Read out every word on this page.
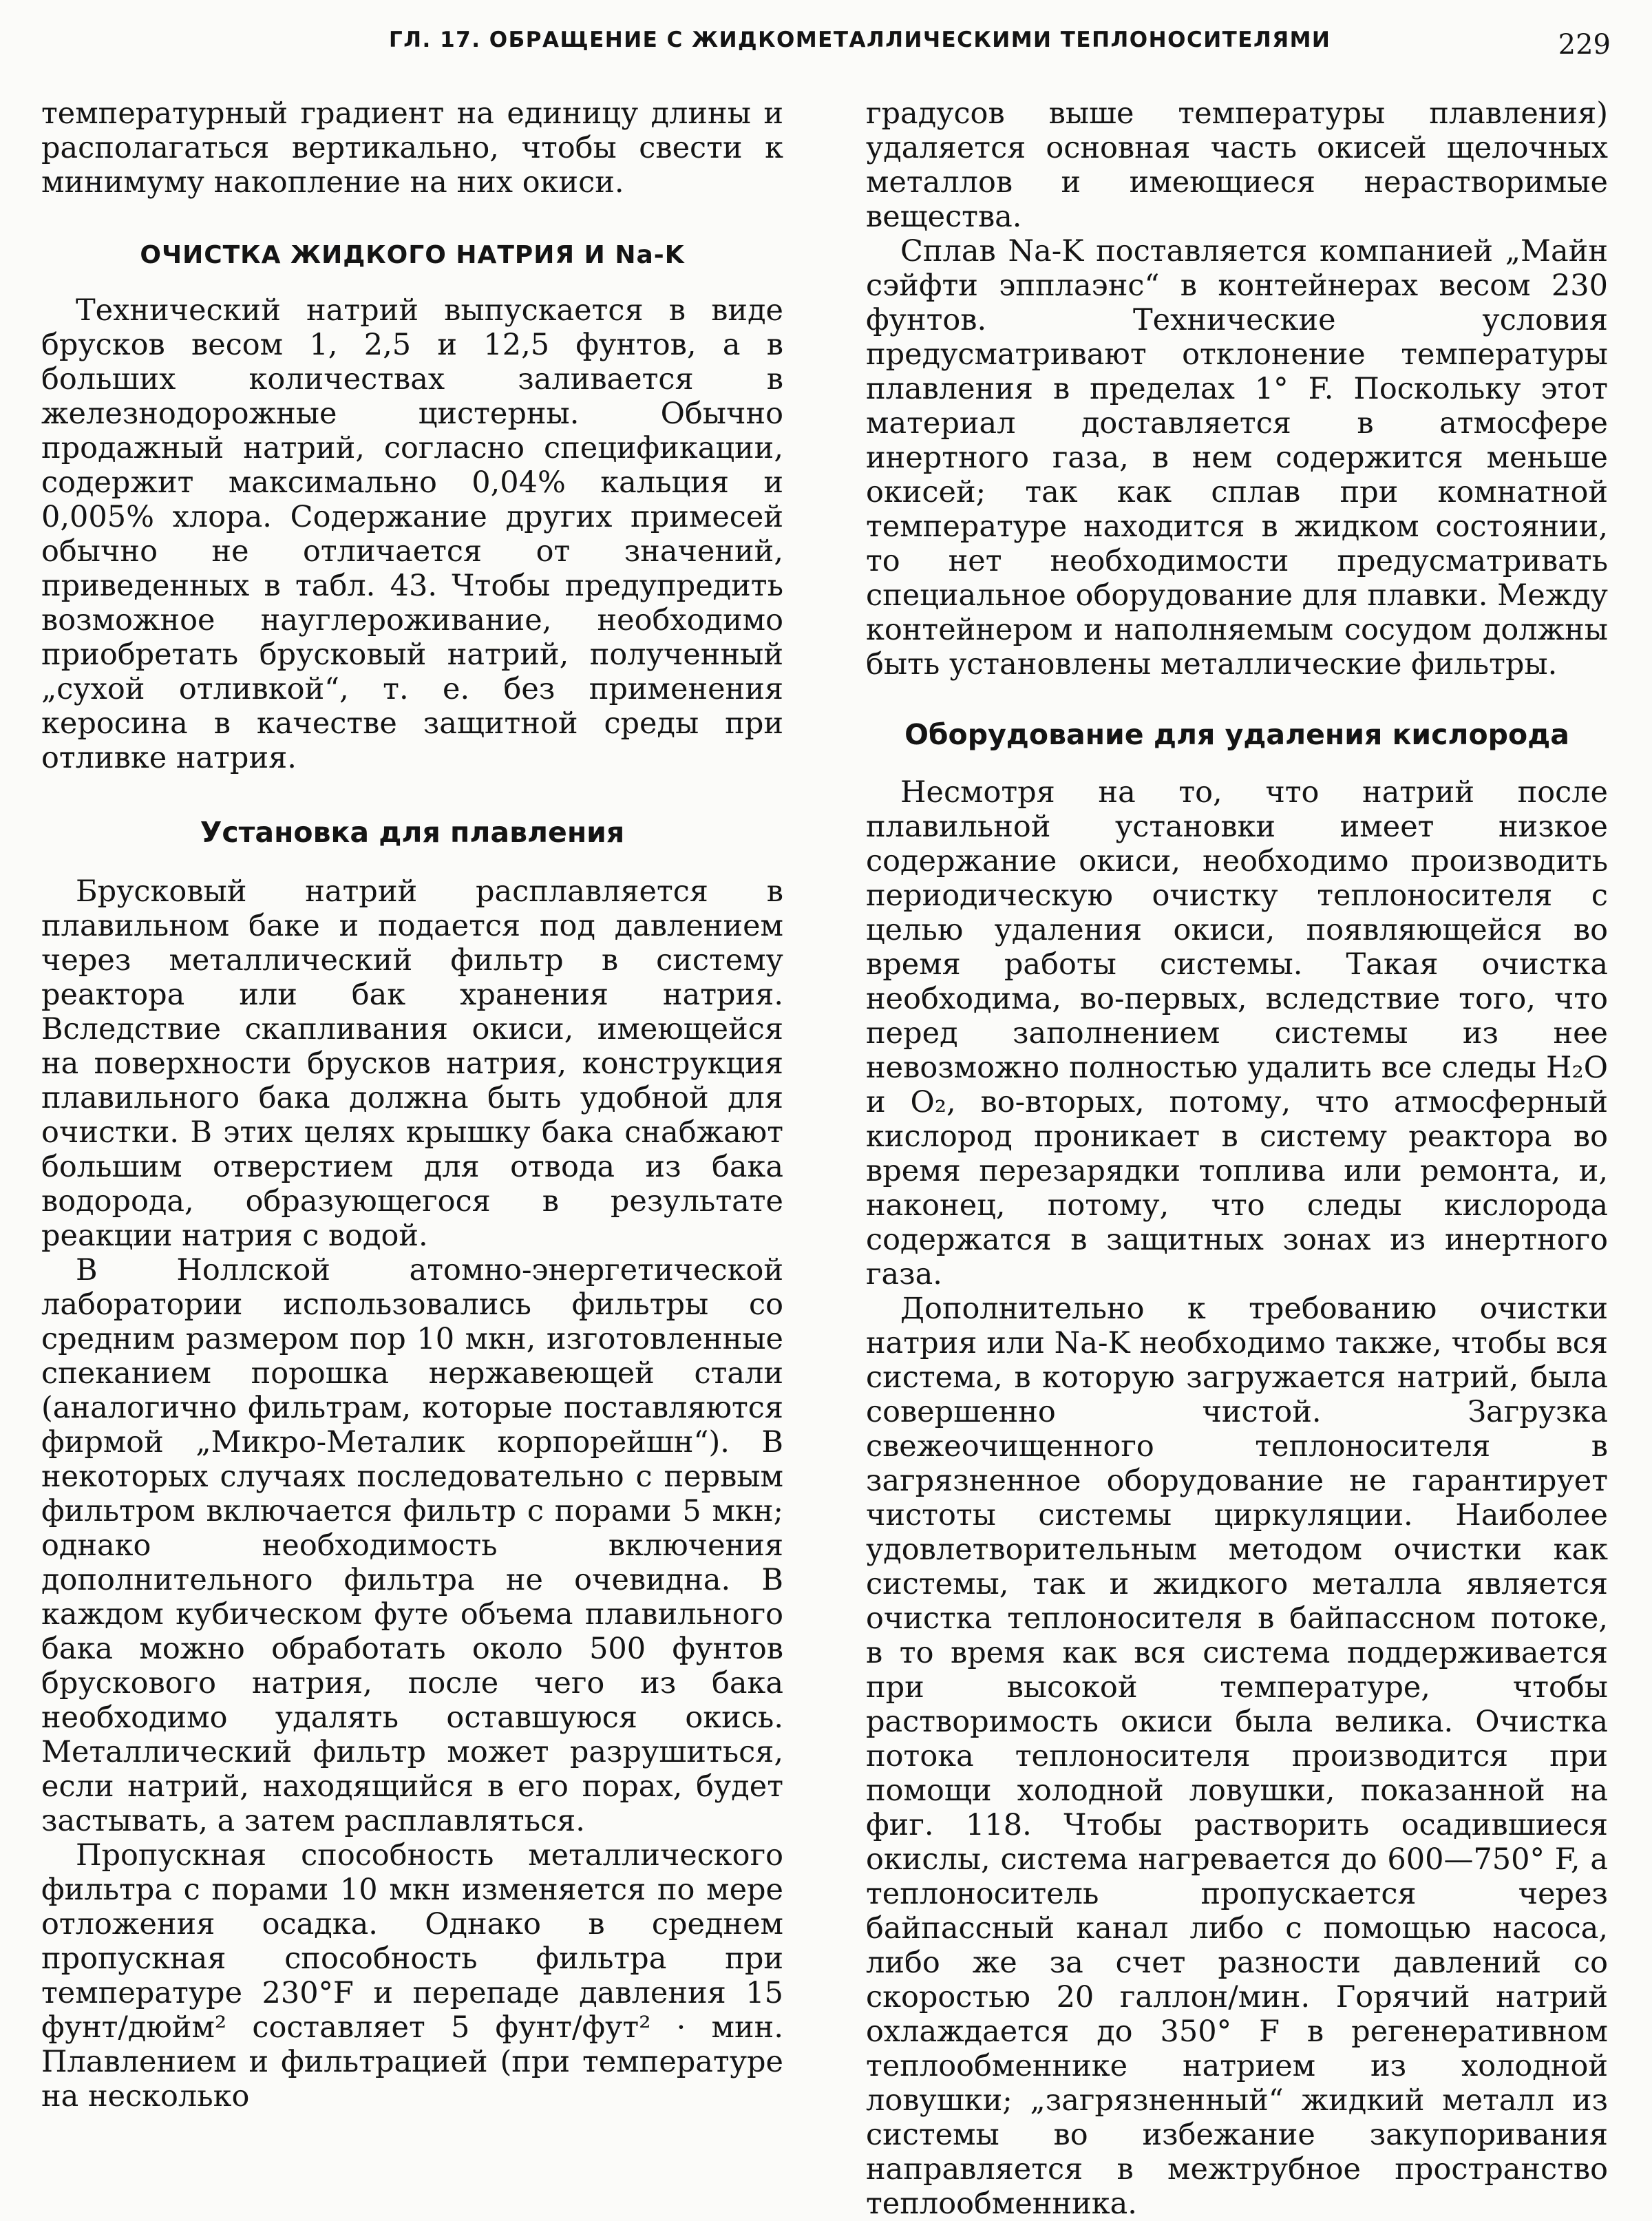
ГЛ. 17. ОБРАЩЕНИЕ С ЖИДКОМЕТАЛЛИЧЕСКИМИ ТЕПЛОНОСИТЕЛЯМИ	229

температурный градиент на единицу длины и располагаться вертикально, чтобы свести к минимуму накопление на них окиси.

ОЧИСТКА ЖИДКОГО НАТРИЯ И Na-K

Технический натрий выпускается в виде брусков весом 1, 2,5 и 12,5 фунтов, а в больших количествах заливается в железнодорожные цистерны. Обычно продажный натрий, согласно спецификации, содержит максимально 0,04% кальция и 0,005% хлора. Содержание других примесей обычно не отличается от значений, приведенных в табл. 43. Чтобы предупредить возможное науглероживание, необходимо приобретать брусковый натрий, полученный „сухой отливкой“, т. е. без применения керосина в качестве защитной среды при отливке натрия.

Установка для плавления

Брусковый натрий расплавляется в плавильном баке и подается под давлением через металлический фильтр в систему реактора или бак хранения натрия. Вследствие скапливания окиси, имеющейся на поверхности брусков натрия, конструкция плавильного бака должна быть удобной для очистки. В этих целях крышку бака снабжают большим отверстием для отвода из бака водорода, образующегося в результате реакции натрия с водой.

В Ноллской атомно-энергетической лаборатории использовались фильтры со средним размером пор 10 мкн, изготовленные спеканием порошка нержавеющей стали (аналогично фильтрам, которые поставляются фирмой „Микро-Металик корпорейшн“). В некоторых случаях последовательно с первым фильтром включается фильтр с порами 5 мкн; однако необходимость включения дополнительного фильтра не очевидна. В каждом кубическом футе объема плавильного бака можно обработать около 500 фунтов брускового натрия, после чего из бака необходимо удалять оставшуюся окись. Металлический фильтр может разрушиться, если натрий, находящийся в его порах, будет застывать, а затем расплавляться.

Пропускная способность металлического фильтра с порами 10 мкн изменяется по мере отложения осадка. Однако в среднем пропускная способность фильтра при температуре 230°F и перепаде давления 15 фунт/дюйм² составляет 5 фунт/фут² · мин. Плавлением и фильтрацией (при температуре на несколько

градусов выше температуры плавления) удаляется основная часть окисей щелочных металлов и имеющиеся нерастворимые вещества.

Сплав Na-K поставляется компанией „Майн сэйфти эпплаэнс“ в контейнерах весом 230 фунтов. Технические условия предусматривают отклонение температуры плавления в пределах 1° F. Поскольку этот материал доставляется в атмосфере инертного газа, в нем содержится меньше окисей; так как сплав при комнатной температуре находится в жидком состоянии, то нет необходимости предусматривать специальное оборудование для плавки. Между контейнером и наполняемым сосудом должны быть установлены металлические фильтры.

Оборудование для удаления кислорода

Несмотря на то, что натрий после плавильной установки имеет низкое содержание окиси, необходимо производить периодическую очистку теплоносителя с целью удаления окиси, появляющейся во время работы системы. Такая очистка необходима, во-первых, вследствие того, что перед заполнением системы из нее невозможно полностью удалить все следы H₂O и O₂, во-вторых, потому, что атмосферный кислород проникает в систему реактора во время перезарядки топлива или ремонта, и, наконец, потому, что следы кислорода содержатся в защитных зонах из инертного газа.

Дополнительно к требованию очистки натрия или Na-K необходимо также, чтобы вся система, в которую загружается натрий, была совершенно чистой. Загрузка свежеочищенного теплоносителя в загрязненное оборудование не гарантирует чистоты системы циркуляции. Наиболее удовлетворительным методом очистки как системы, так и жидкого металла является очистка теплоносителя в байпассном потоке, в то время как вся система поддерживается при высокой температуре, чтобы растворимость окиси была велика. Очистка потока теплоносителя производится при помощи холодной ловушки, показанной на фиг. 118. Чтобы растворить осадившиеся окислы, система нагревается до 600—750° F, а теплоноситель пропускается через байпассный канал либо с помощью насоса, либо же за счет разности давлений со скоростью 20 галлон/мин. Горячий натрий охлаждается до 350° F в регенеративном теплообменнике натрием из холодной ловушки; „загрязненный“ жидкий металл из системы во избежание закупоривания направляется в межтрубное пространство теплообменника.
